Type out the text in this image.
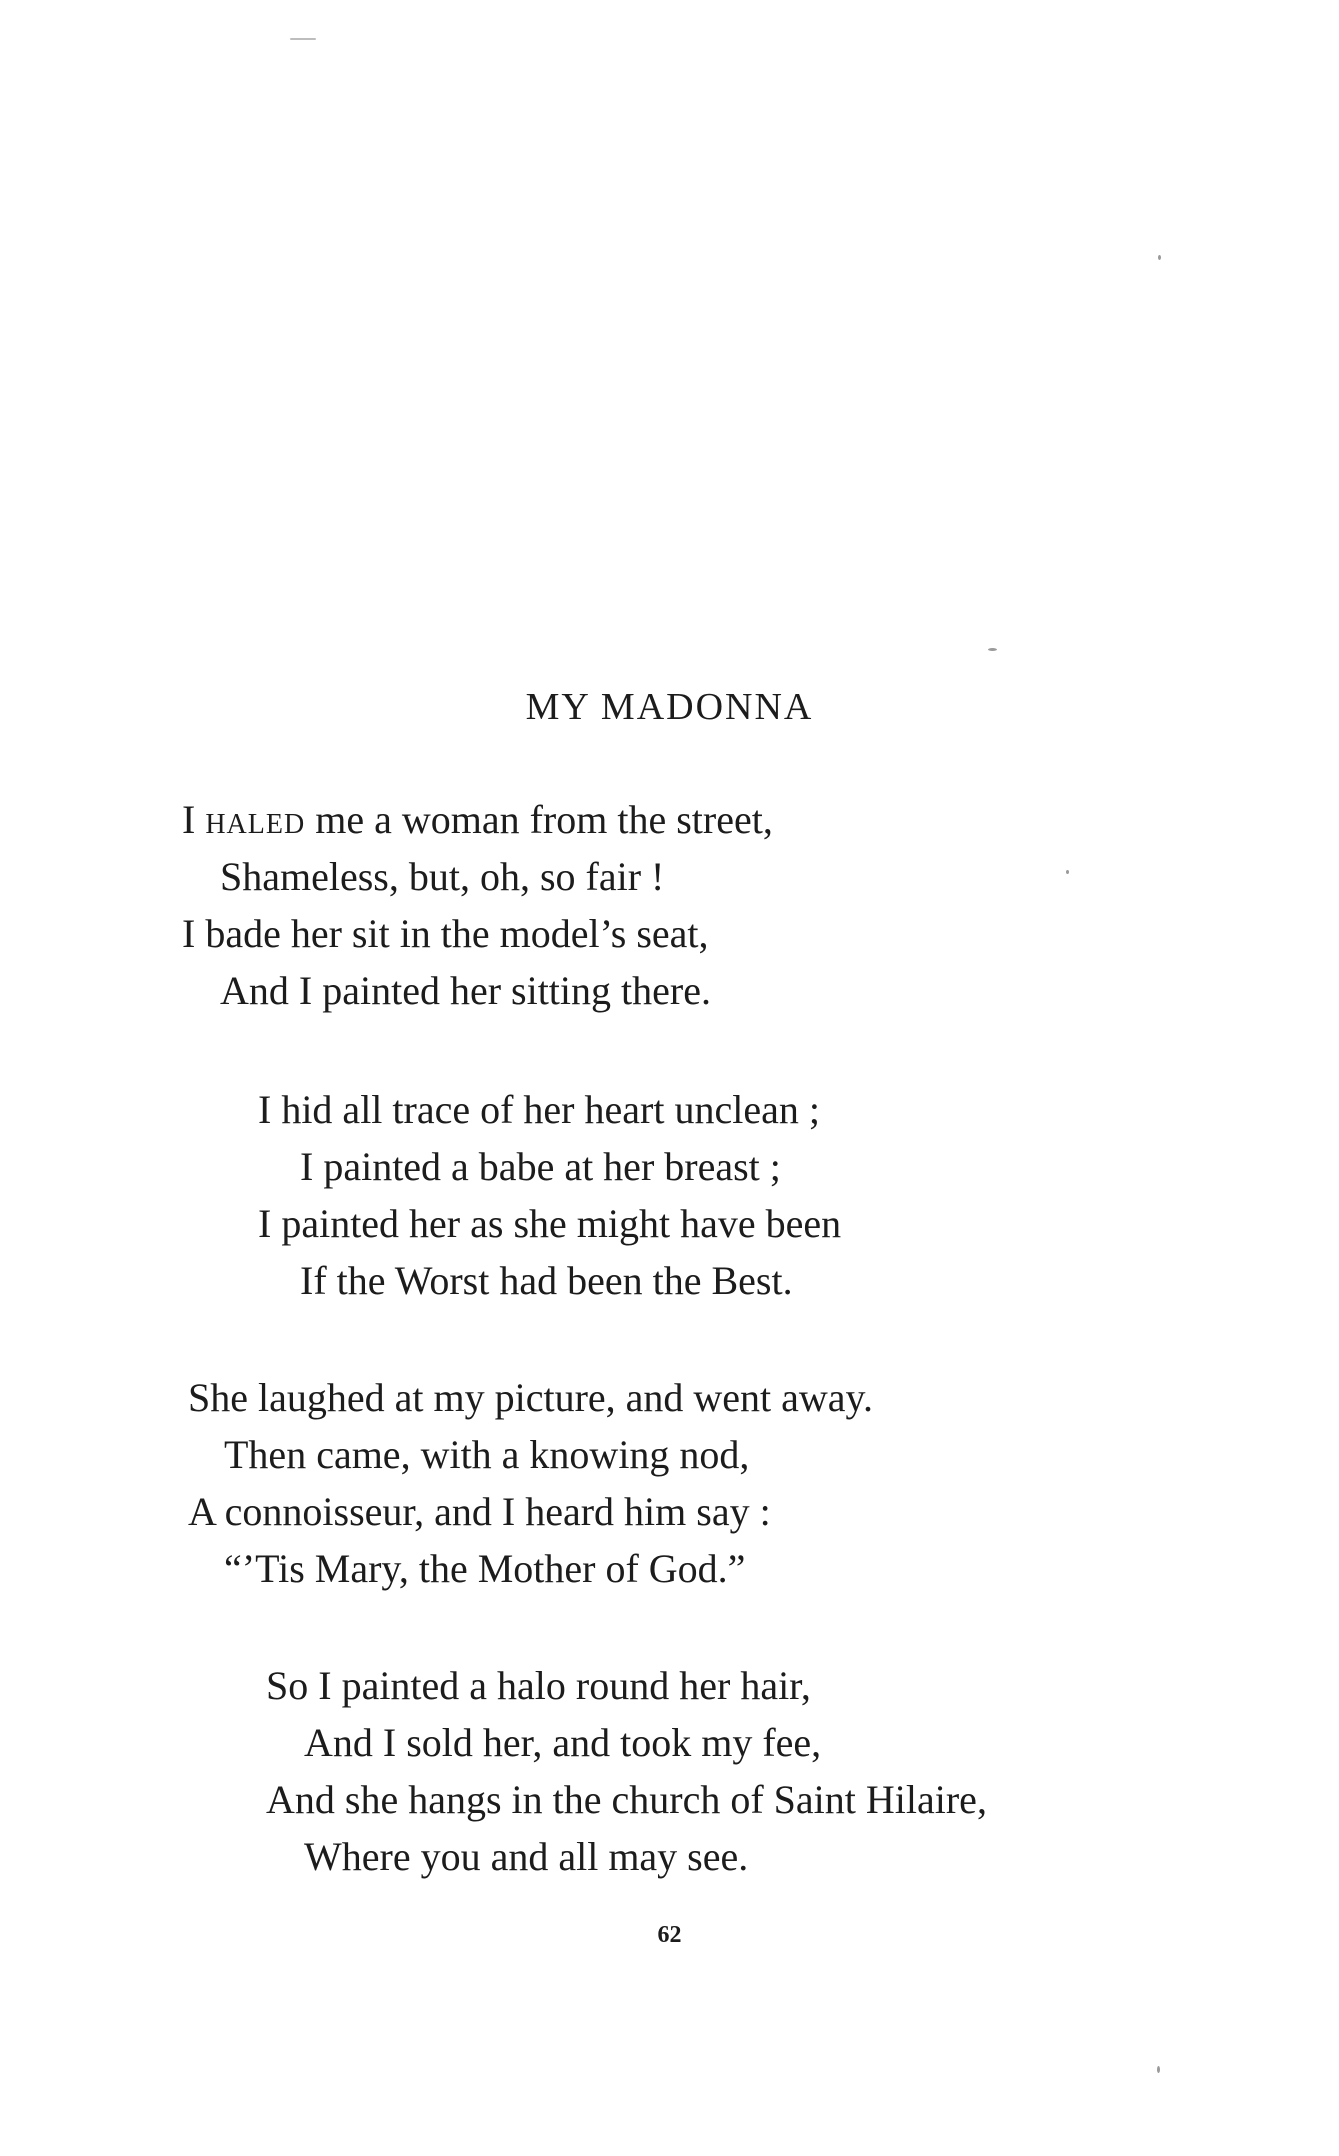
MY MADONNA
I haled me a woman from the street,
Shameless, but, oh, so fair !
I bade her sit in the model’s seat,
And I painted her sitting there.
I hid all trace of her heart unclean ;
I painted a babe at her breast ;
I painted her as she might have been
If the Worst had been the Best.
She laughed at my picture, and went away.
Then came, with a knowing nod,
A connoisseur, and I heard him say :
“’Tis Mary, the Mother of God.”
So I painted a halo round her hair,
And I sold her, and took my fee,
And she hangs in the church of Saint Hilaire,
Where you and all may see.

62
